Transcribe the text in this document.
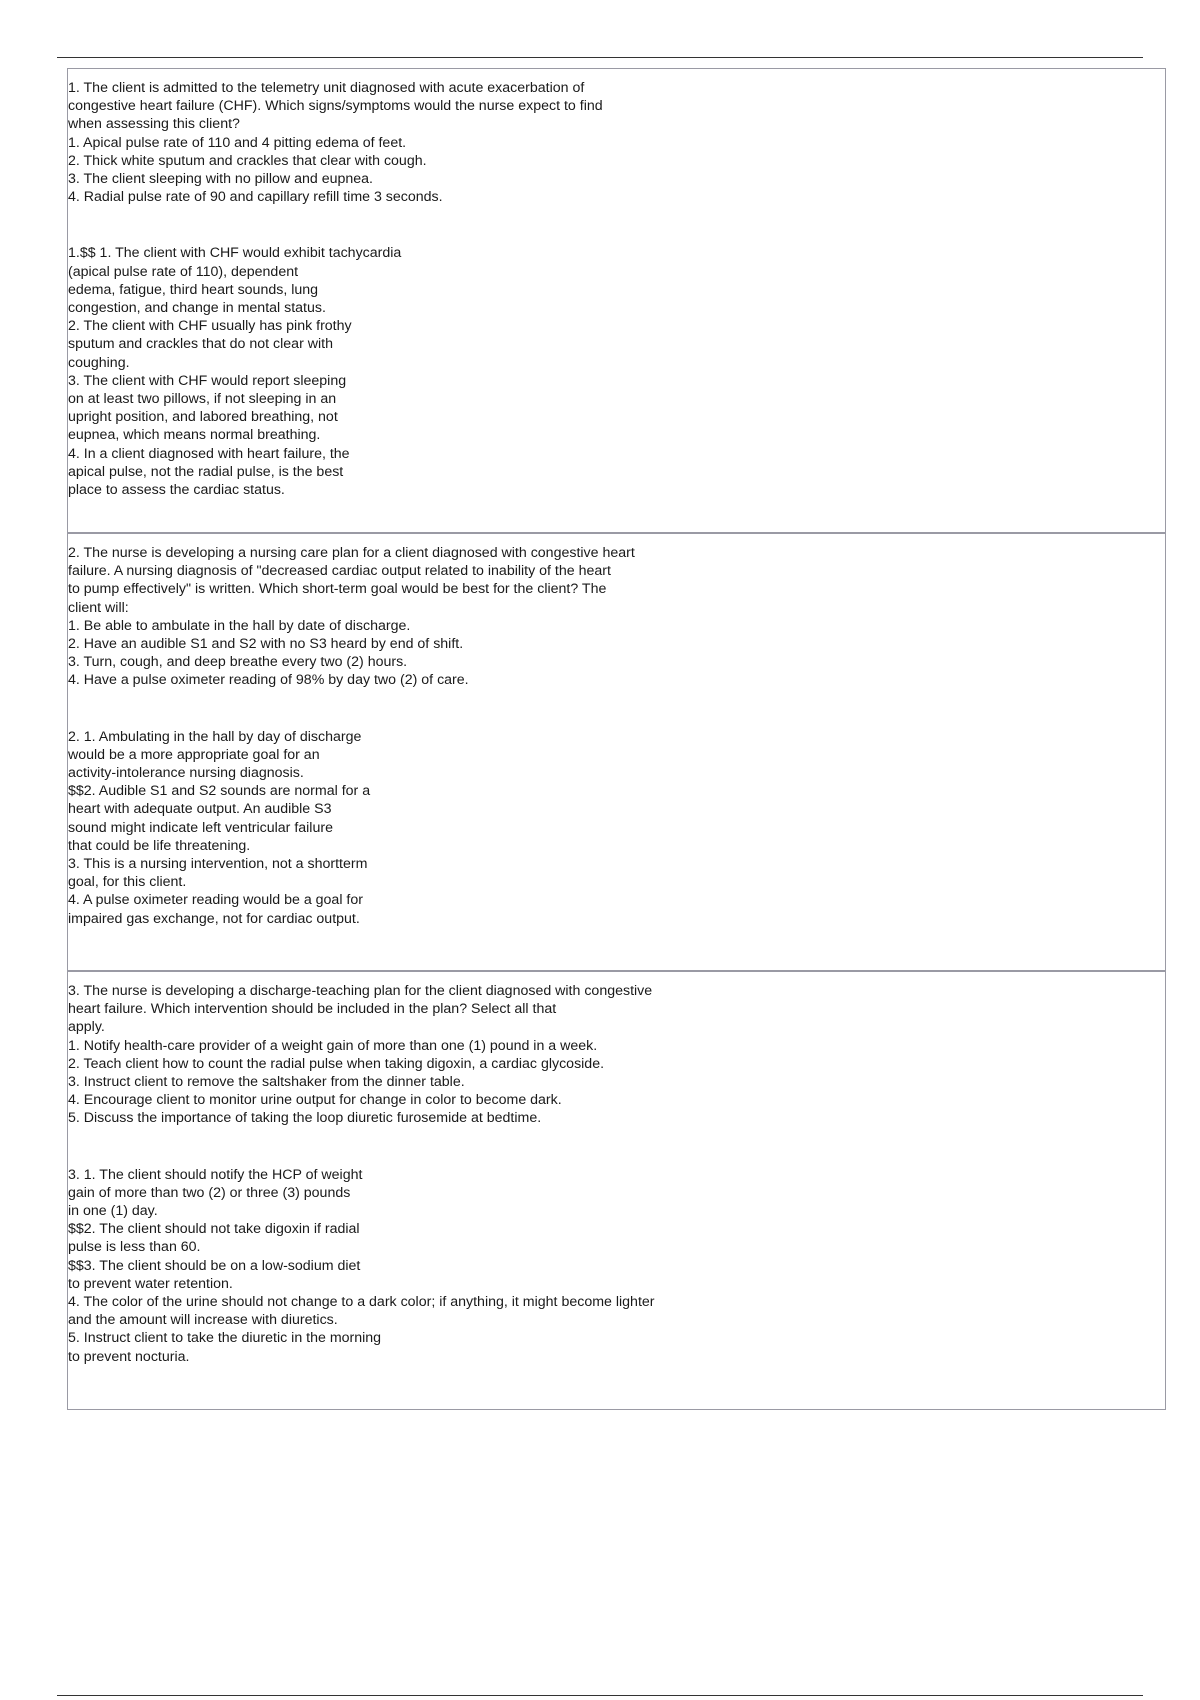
1. The client is admitted to the telemetry unit diagnosed with acute exacerbation of
congestive heart failure (CHF). Which signs/symptoms would the nurse expect to find
when assessing this client?
1. Apical pulse rate of 110 and 4 pitting edema of feet.
2. Thick white sputum and crackles that clear with cough.
3. The client sleeping with no pillow and eupnea.
4. Radial pulse rate of 90 and capillary refill time 3 seconds.

1.$$ 1. The client with CHF would exhibit tachycardia
(apical pulse rate of 110), dependent
edema, fatigue, third heart sounds, lung
congestion, and change in mental status.
2. The client with CHF usually has pink frothy
sputum and crackles that do not clear with
coughing.
3. The client with CHF would report sleeping
on at least two pillows, if not sleeping in an
upright position, and labored breathing, not
eupnea, which means normal breathing.
4. In a client diagnosed with heart failure, the
apical pulse, not the radial pulse, is the best
place to assess the cardiac status.

2. The nurse is developing a nursing care plan for a client diagnosed with congestive heart
failure. A nursing diagnosis of "decreased cardiac output related to inability of the heart
to pump effectively" is written. Which short-term goal would be best for the client? The
client will:
1. Be able to ambulate in the hall by date of discharge.
2. Have an audible S1 and S2 with no S3 heard by end of shift.
3. Turn, cough, and deep breathe every two (2) hours.
4. Have a pulse oximeter reading of 98% by day two (2) of care.

2. 1. Ambulating in the hall by day of discharge
would be a more appropriate goal for an
activity-intolerance nursing diagnosis.
$$2. Audible S1 and S2 sounds are normal for a
heart with adequate output. An audible S3
sound might indicate left ventricular failure
that could be life threatening.
3. This is a nursing intervention, not a shortterm
goal, for this client.
4. A pulse oximeter reading would be a goal for
impaired gas exchange, not for cardiac output.

3. The nurse is developing a discharge-teaching plan for the client diagnosed with congestive
heart failure. Which intervention should be included in the plan? Select all that
apply.
1. Notify health-care provider of a weight gain of more than one (1) pound in a week.
2. Teach client how to count the radial pulse when taking digoxin, a cardiac glycoside.
3. Instruct client to remove the saltshaker from the dinner table.
4. Encourage client to monitor urine output for change in color to become dark.
5. Discuss the importance of taking the loop diuretic furosemide at bedtime.

3. 1. The client should notify the HCP of weight
gain of more than two (2) or three (3) pounds
in one (1) day.
$$2. The client should not take digoxin if radial
pulse is less than 60.
$$3. The client should be on a low-sodium diet
to prevent water retention.
4. The color of the urine should not change to a dark color; if anything, it might become lighter
and the amount will increase with diuretics.
5. Instruct client to take the diuretic in the morning
to prevent nocturia.
